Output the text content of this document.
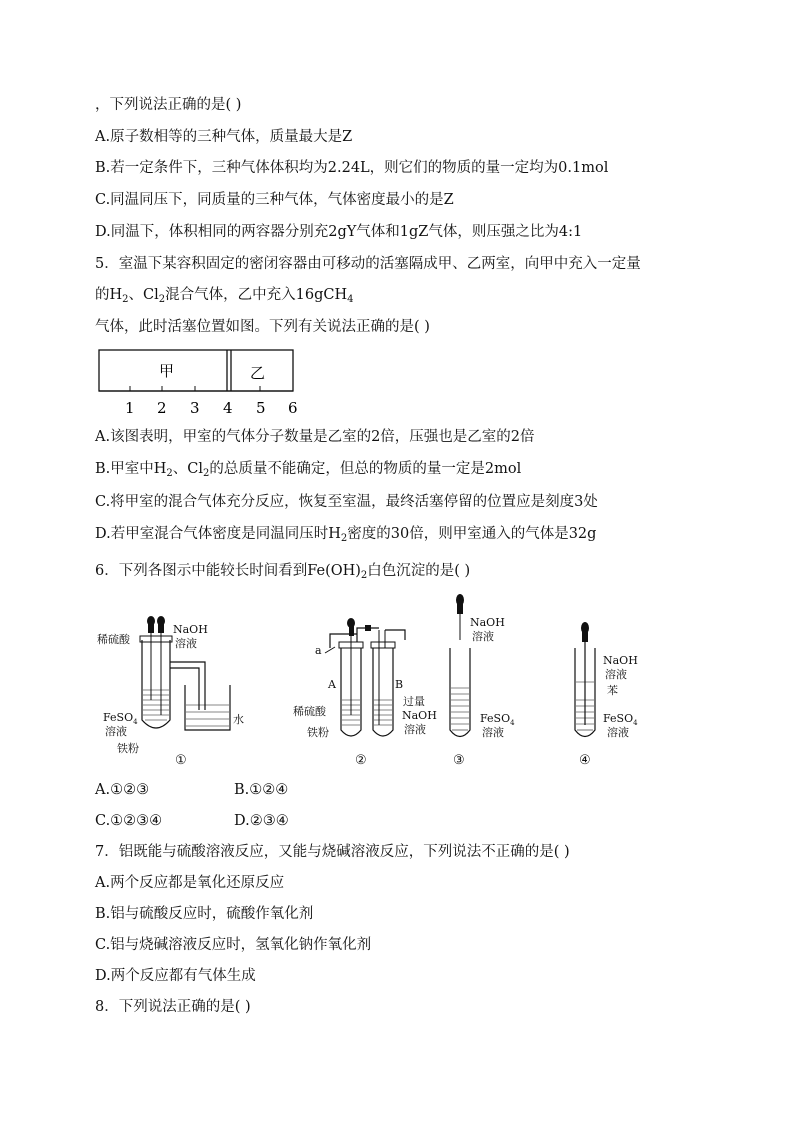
，下列说法正确的是( )
A.原子数相等的三种气体，质量最大是Z
B.若一定条件下，三种气体体积均为2.24L，则它们的物质的量一定均为0.1mol
C.同温同压下，同质量的三种气体，气体密度最小的是Z
D.同温下，体积相同的两容器分别充2gY气体和1gZ气体，则压强之比为4:1
5．室温下某容积固定的密闭容器由可移动的活塞隔成甲、乙两室，向甲中充入一定量
的$H_2$、$Cl_2$混合气体，乙中充入16gCH$_4$
气体，此时活塞位置如图。下列有关说法正确的是( )
甲	乙
1 2 3 4 5 6
A.该图表明，甲室的气体分子数量是乙室的2倍，压强也是乙室的2倍
B.甲室中$H_2$、$Cl_2$的总质量不能确定，但总的物质的量一定是2mol
C.将甲室的混合气体充分反应，恢复至室温，最终活塞停留的位置应是刻度3处
D.若甲室混合气体密度是同温同压时$H_2$密度的30倍，则甲室通入的气体是32g
6．下列各图示中能较长时间看到$Fe(OH)_2$白色沉淀的是( )
稀硫酸
NaOH
溶液
FeSO$_4$
溶液
铁粉
水
①
a
A	B
稀硫酸
铁粉
过量
NaOH
溶液
②
NaOH
溶液
FeSO$_4$
溶液
③
NaOH
溶液
苯
FeSO$_4$
溶液
④
A.①②③	B.①②④
C.①②③④	D.②③④
7．铝既能与硫酸溶液反应，又能与烧碱溶液反应，下列说法不正确的是( )
A.两个反应都是氧化还原反应
B.铝与硫酸反应时，硫酸作氧化剂
C.铝与烧碱溶液反应时，氢氧化钠作氧化剂
D.两个反应都有气体生成
8．下列说法正确的是( )
